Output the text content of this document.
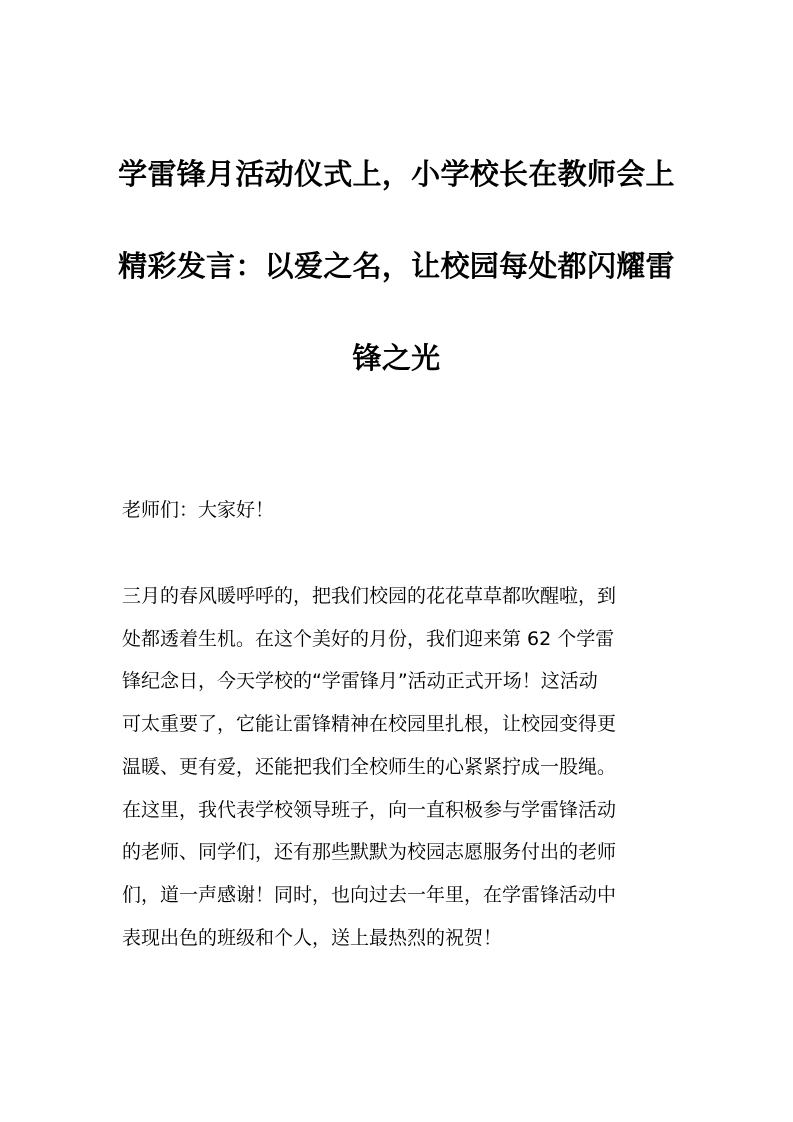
学雷锋月活动仪式上，小学校长在教师会上
精彩发言：以爱之名，让校园每处都闪耀雷
锋之光

老师们：大家好！

三月的春风暖呼呼的，把我们校园的花花草草都吹醒啦，到
处都透着生机。在这个美好的月份，我们迎来第 62 个学雷
锋纪念日，今天学校的“学雷锋月”活动正式开场！这活动
可太重要了，它能让雷锋精神在校园里扎根，让校园变得更
温暖、更有爱，还能把我们全校师生的心紧紧拧成一股绳。
在这里，我代表学校领导班子，向一直积极参与学雷锋活动
的老师、同学们，还有那些默默为校园志愿服务付出的老师
们，道一声感谢！同时，也向过去一年里，在学雷锋活动中
表现出色的班级和个人，送上最热烈的祝贺！
